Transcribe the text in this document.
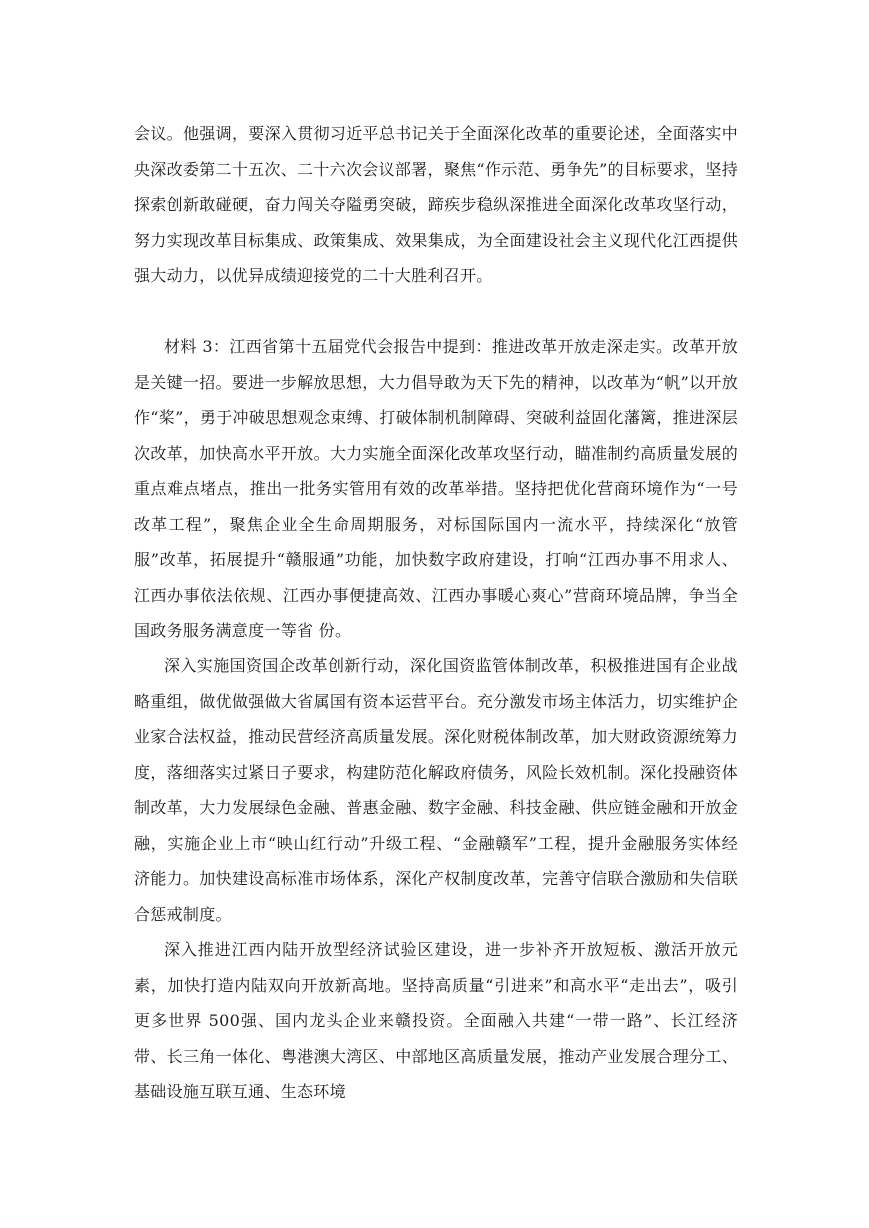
会议。他强调，要深入贯彻习近平总书记关于全面深化改革的重要论述，全面落实中央深改委第二十五次、二十六次会议部署，聚焦“作示范、勇争先”的目标要求，坚持探索创新敢碰硬，奋力闯关夺隘勇突破，蹄疾步稳纵深推进全面深化改革攻坚行动，努力实现改革目标集成、政策集成、效果集成，为全面建设社会主义现代化江西提供强大动力，以优异成绩迎接党的二十大胜利召开。

材料 3：江西省第十五届党代会报告中提到：推进改革开放走深走实。改革开放是关键一招。要进一步解放思想，大力倡导敢为天下先的精神，以改革为“帆”以开放作“桨”，勇于冲破思想观念束缚、打破体制机制障碍、突破利益固化藩篱，推进深层次改革，加快高水平开放。大力实施全面深化改革攻坚行动，瞄准制约高质量发展的重点难点堵点，推出一批务实管用有效的改革举措。坚持把优化营商环境作为“一号改革工程”，聚焦企业全生命周期服务，对标国际国内一流水平，持续深化“放管服”改革，拓展提升“赣服通”功能，加快数字政府建设，打响“江西办事不用求人、江西办事依法依规、江西办事便捷高效、江西办事暖心爽心”营商环境品牌，争当全国政务服务满意度一等省 份。

深入实施国资国企改革创新行动，深化国资监管体制改革，积极推进国有企业战略重组，做优做强做大省属国有资本运营平台。充分激发市场主体活力，切实维护企业家合法权益，推动民营经济高质量发展。深化财税体制改革，加大财政资源统筹力度，落细落实过紧日子要求，构建防范化解政府债务，风险长效机制。深化投融资体制改革，大力发展绿色金融、普惠金融、数字金融、科技金融、供应链金融和开放金融，实施企业上市“映山红行动”升级工程、“金融赣军”工程，提升金融服务实体经济能力。加快建设高标准市场体系，深化产权制度改革，完善守信联合激励和失信联合惩戒制度。

深入推进江西内陆开放型经济试验区建设，进一步补齐开放短板、激活开放元素，加快打造内陆双向开放新高地。坚持高质量“引进来”和高水平“走出去”，吸引更多世界 500强、国内龙头企业来赣投资。全面融入共建“一带一路”、长江经济带、长三角一体化、粤港澳大湾区、中部地区高质量发展，推动产业发展合理分工、基础设施互联互通、生态环境
